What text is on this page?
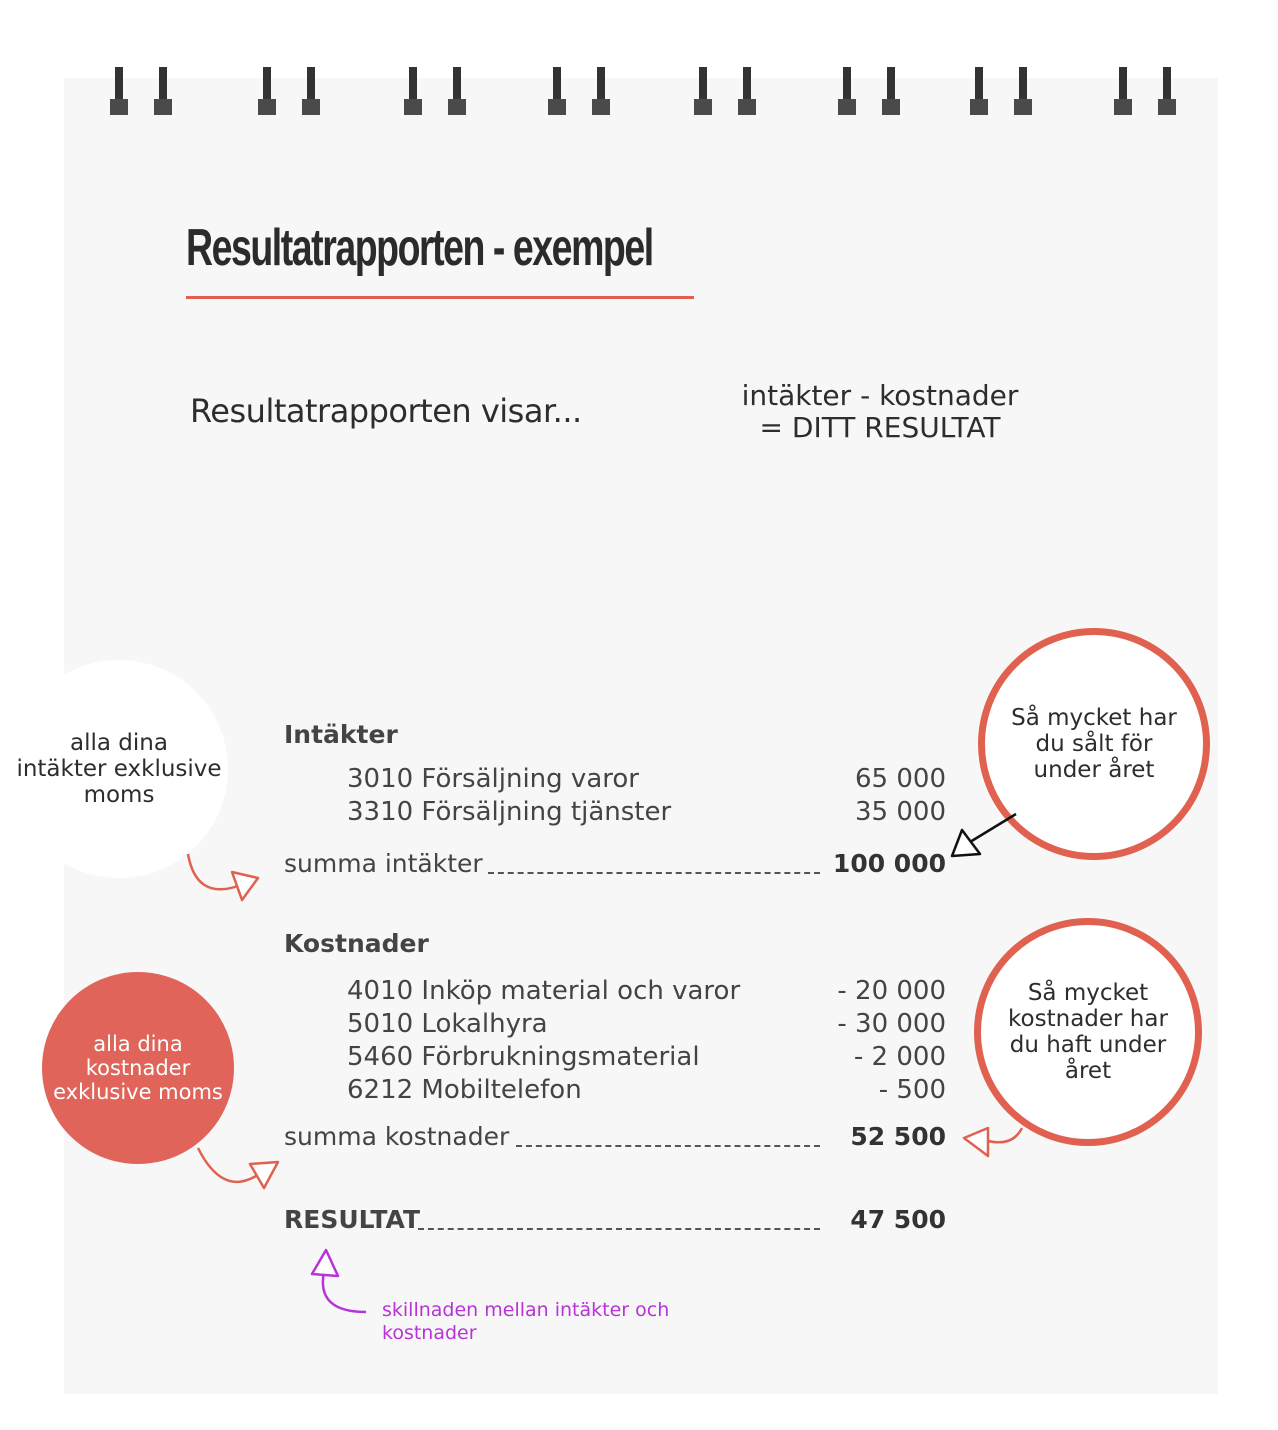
Resultatrapporten - exempel
Resultatrapporten visar...	intäkter - kostnader
= DITT RESULTAT
Intäkter
3010 Försäljning varor	65 000
3310 Försäljning tjänster	35 000
summa intäkter	100 000
Kostnader
4010 Inköp material och varor	- 20 000
5010 Lokalhyra	- 30 000
5460 Förbrukningsmaterial	- 2 000
6212 Mobiltelefon	- 500
summa kostnader	52 500
RESULTAT	47 500
alla dina
intäkter exklusive
moms
alla dina
kostnader
exklusive moms
Så mycket har
du sålt för
under året
Så mycket
kostnader har
du haft under
året
skillnaden mellan intäkter och kostnader
